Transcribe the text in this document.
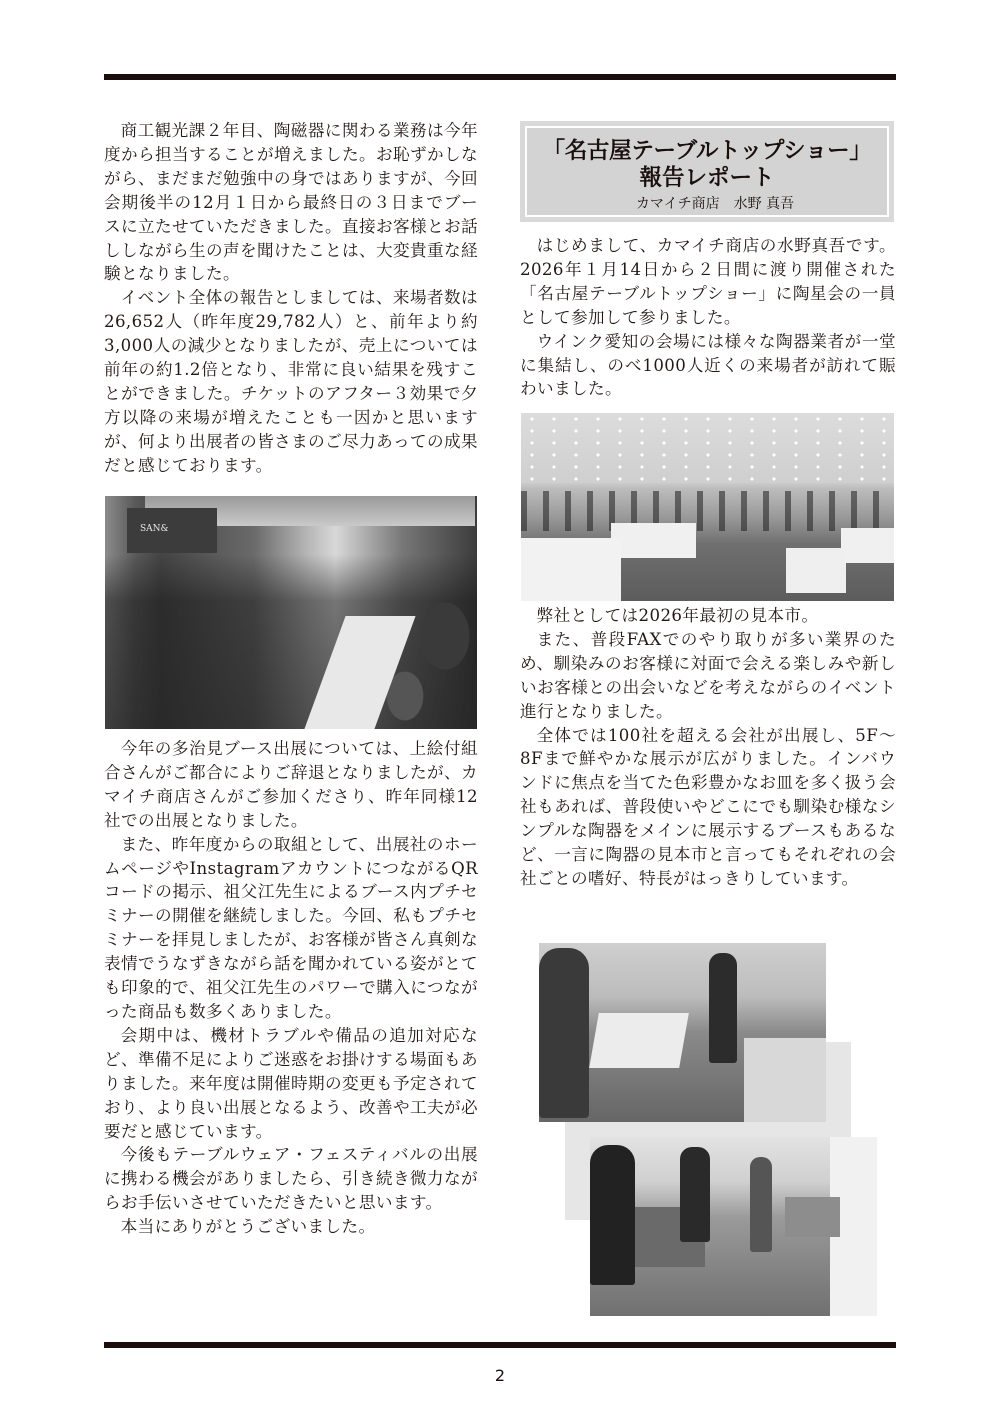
商工観光課２年目、陶磁器に関わる業務は今年度から担当することが増えました。お恥ずかしながら、まだまだ勉強中の身ではありますが、今回会期後半の12月１日から最終日の３日までブースに立たせていただきました。直接お客様とお話ししながら生の声を聞けたことは、大変貴重な経験となりました。

イベント全体の報告としましては、来場者数は26,652人（昨年度29,782人）と、前年より約3,000人の減少となりましたが、売上については前年の約1.2倍となり、非常に良い結果を残すことができました。チケットのアフター３効果で夕方以降の来場が増えたことも一因かと思いますが、何より出展者の皆さまのご尽力あっての成果だと感じております。

SAN&

今年の多治見ブース出展については、上絵付組合さんがご都合によりご辞退となりましたが、カマイチ商店さんがご参加くださり、昨年同様12社での出展となりました。

また、昨年度からの取組として、出展社のホームページやInstagramアカウントにつながるQRコードの掲示、祖父江先生によるブース内プチセミナーの開催を継続しました。今回、私もプチセミナーを拝見しましたが、お客様が皆さん真剣な表情でうなずきながら話を聞かれている姿がとても印象的で、祖父江先生のパワーで購入につながった商品も数多くありました。

会期中は、機材トラブルや備品の追加対応など、準備不足によりご迷惑をお掛けする場面もありました。来年度は開催時期の変更も予定されており、より良い出展となるよう、改善や工夫が必要だと感じています。

今後もテーブルウェア・フェスティバルの出展に携わる機会がありましたら、引き続き微力ながらお手伝いさせていただきたいと思います。

本当にありがとうございました。

「名古屋テーブルトップショー」
報告レポート
カマイチ商店　水野 真吾

はじめまして、カマイチ商店の水野真吾です。2026年１月14日から２日間に渡り開催された「名古屋テーブルトップショー」に陶星会の一員として参加して参りました。

ウインク愛知の会場には様々な陶器業者が一堂に集結し、のべ1000人近くの来場者が訪れて賑わいました。

弊社としては2026年最初の見本市。

また、普段FAXでのやり取りが多い業界のため、馴染みのお客様に対面で会える楽しみや新しいお客様との出会いなどを考えながらのイベント進行となりました。

全体では100社を超える会社が出展し、5F～8Fまで鮮やかな展示が広がりました。インバウンドに焦点を当てた色彩豊かなお皿を多く扱う会社もあれば、普段使いやどこにでも馴染む様なシンプルな陶器をメインに展示するブースもあるなど、一言に陶器の見本市と言ってもそれぞれの会社ごとの嗜好、特長がはっきりしています。

2
